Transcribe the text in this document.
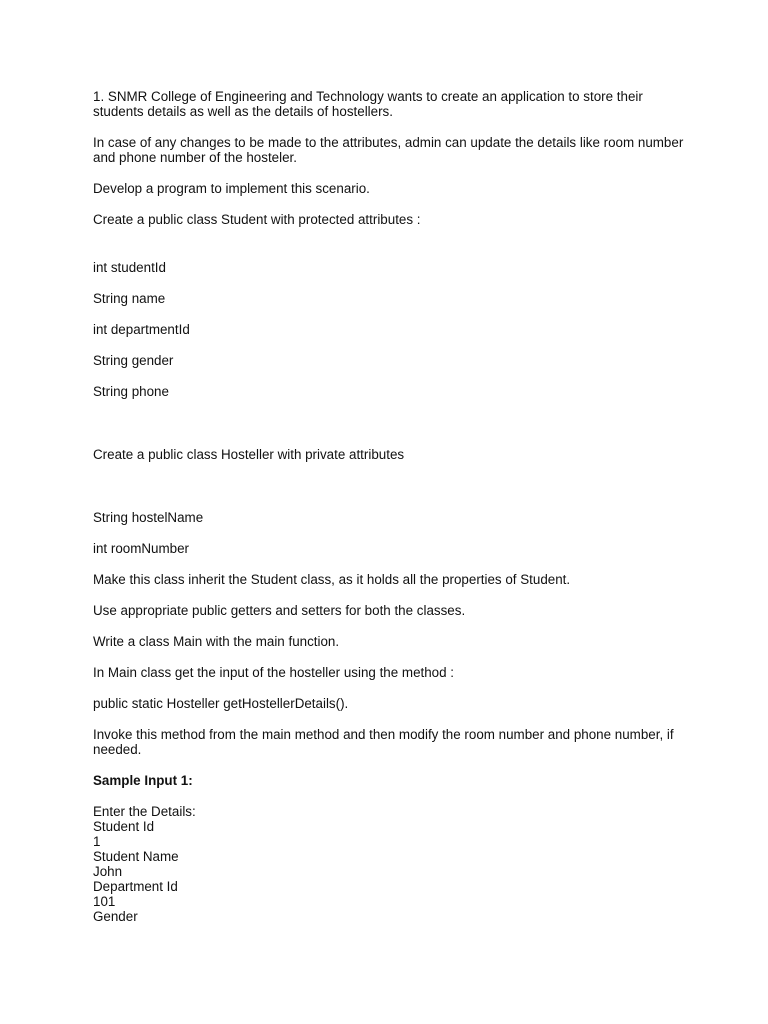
1. SNMR College of Engineering and Technology wants to create an application to store their students details as well as the details of hostellers.

In case of any changes to be made to the attributes, admin can update the details like room number and phone number of the hosteler.

Develop a program to implement this scenario.

Create a public class Student with protected attributes :

int studentId

String name

int departmentId

String gender

String phone

Create a public class Hosteller with private attributes

String hostelName

int roomNumber

Make this class inherit the Student class, as it holds all the properties of Student.

Use appropriate public getters and setters for both the classes.

Write a class Main with the main function.

In Main class get the input of the hosteller using the method :

public static Hosteller getHostellerDetails().

Invoke this method from the main method and then modify the room number and phone number, if needed.

Sample Input 1:

Enter the Details:
Student Id
1
Student Name
John
Department Id
101
Gender
